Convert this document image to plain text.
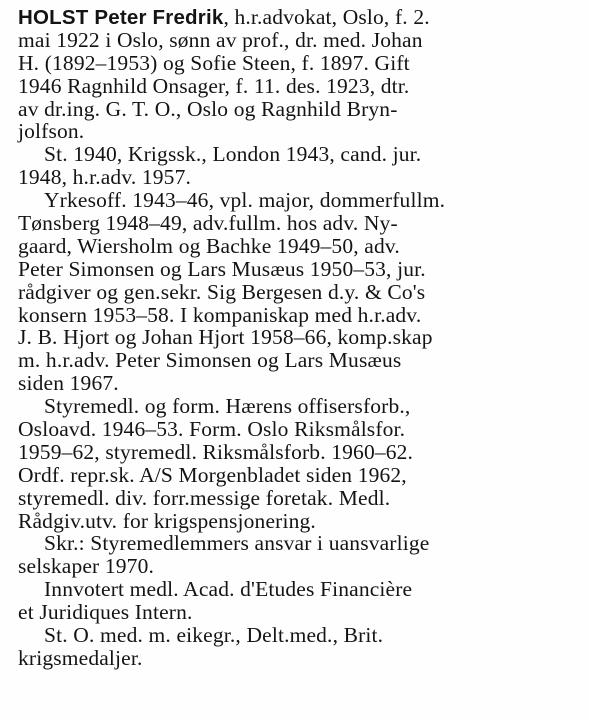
HOLST Peter Fredrik, h.r.advokat, Oslo, f. 2.
mai 1922 i Oslo, sønn av prof., dr. med. Johan
H. (1892–1953) og Sofie Steen, f. 1897. Gift
1946 Ragnhild Onsager, f. 11. des. 1923, dtr.
av dr.ing. G. T. O., Oslo og Ragnhild Bryn-
jolfson.
St. 1940, Krigssk., London 1943, cand. jur.
1948, h.r.adv. 1957.
Yrkesoff. 1943–46, vpl. major, dommerfullm.
Tønsberg 1948–49, adv.fullm. hos adv. Ny-
gaard, Wiersholm og Bachke 1949–50, adv.
Peter Simonsen og Lars Musæus 1950–53, jur.
rådgiver og gen.sekr. Sig Bergesen d.y. & Co's
konsern 1953–58. I kompaniskap med h.r.adv.
J. B. Hjort og Johan Hjort 1958–66, komp.skap
m. h.r.adv. Peter Simonsen og Lars Musæus
siden 1967.
Styremedl. og form. Hærens offisersforb.,
Osloavd. 1946–53. Form. Oslo Riksmålsfor.
1959–62, styremedl. Riksmålsforb. 1960–62.
Ordf. repr.sk. A/S Morgenbladet siden 1962,
styremedl. div. forr.messige foretak. Medl.
Rådgiv.utv. for krigspensjonering.
Skr.: Styremedlemmers ansvar i uansvarlige
selskaper 1970.
Innvotert medl. Acad. d'Etudes Financière
et Juridiques Intern.
St. O. med. m. eikegr., Delt.med., Brit.
krigsmedaljer.
